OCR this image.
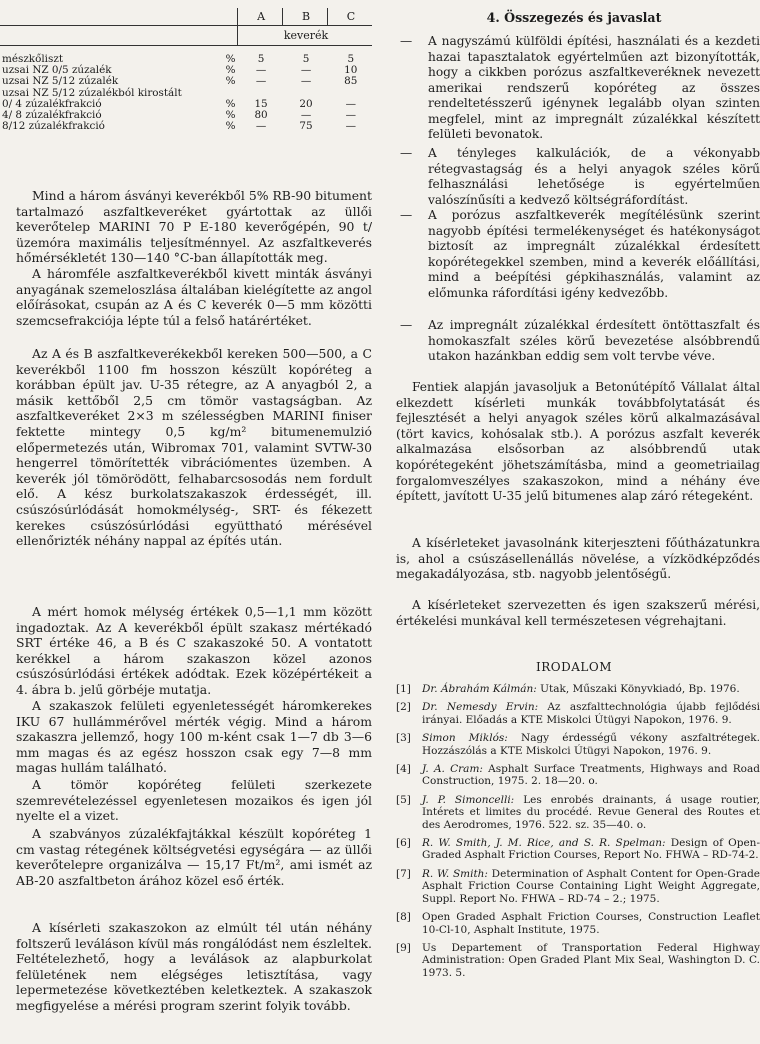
		A	B	C
		keverék		

mészkőliszt	%	5	5	5
uzsai NZ 0/5 zúzalék	%	—	—	10
uzsai NZ 5/12 zúzalék	%	—	—	85
uzsai NZ 5/12 zúzalékból kirostált				
0/ 4 zúzalékfrakció	%	15	20	—
4/ 8 zúzalékfrakció	%	80	—	—
8/12 zúzalékfrakció	%	—	75	—

Mind a három ásványi keverékből 5% RB-90 bitument tartalmazó aszfaltkeveréket gyártottak az üllői keverőtelep MARINI 70 P E-180 keverőgépén, 90 t/üzemóra maximális teljesítménnyel. Az aszfaltkeverés hőmérsékletét 130—140 °C-ban állapították meg.

A háromféle aszfaltkeverékből kivett minták ásványi anyagának szemeloszlása általában kielégítette az angol előírásokat, csupán az A és C keverék 0—5 mm közötti szemcsefrakciója lépte túl a felső határértéket.

Az A és B aszfaltkeverékekből kereken 500—500, a C keverékből 1100 fm hosszon készült kopóréteg a korábban épült jav. U-35 rétegre, az A anyagból 2, a másik kettőből 2,5 cm tömör vastagságban. Az aszfaltkeveréket 2×3 m szélességben MARINI finiser fektette mintegy 0,5 kg/m² bitumenemulzió előpermetezés után, Wibromax 701, valamint SVTW-30 hengerrel tömörítették vibrációmentes üzemben. A keverék jól tömörödött, felhabarcsosodás nem fordult elő. A kész burkolatszakaszok érdességét, ill. csúszósúrlódását homokmélység-, SRT- és fékezett kerekes csúszósúrlódási együttható mérésével ellenőrizték néhány nappal az építés után.

A mért homok mélység értékek 0,5—1,1 mm között ingadoztak. Az A keverékből épült szakasz mértékadó SRT értéke 46, a B és C szakaszoké 50. A vontatott kerékkel a három szakaszon közel azonos csúszósúrlódási értékek adódtak. Ezek középértékeit a 4. ábra b. jelű görbéje mutatja.

A szakaszok felületi egyenletességét háromkerekes IKU 67 hullámmérővel mérték végig. Mind a három szakaszra jellemző, hogy 100 m-ként csak 1—7 db 3—6 mm magas és az egész hosszon csak egy 7—8 mm magas hullám található.

A tömör kopóréteg felületi szerkezete szemrevételezéssel egyenletesen mozaikos és igen jól nyelte el a vizet.

A szabványos zúzalékfajtákkal készült kopóréteg 1 cm vastag rétegének költségvetési egységára — az üllői keverőtelepre organizálva — 15,17 Ft/m², ami ismét az AB-20 aszfaltbeton árához közel eső érték.

A kísérleti szakaszokon az elmúlt tél után néhány foltszerű leváláson kívül más rongálódást nem észleltek. Feltételezhető, hogy a leválások az alapburkolat felületének nem elégséges letisztítása, vagy lepermetezése következtében keletkeztek. A szakaszok megfigyelése a mérési program szerint folyik tovább.

4. Összegezés és javaslat

—	A nagyszámú külföldi építési, használati és a kezdeti hazai tapasztalatok egyértelműen azt bizonyították, hogy a cikkben porózus aszfaltkeveréknek nevezett amerikai rendszerű kopóréteg az összes rendeltetésszerű igénynek legalább olyan szinten megfelel, mint az impregnált zúzalékkal készített felületi bevonatok.

—	A tényleges kalkulációk, de a vékonyabb rétegvastagság és a helyi anyagok széles körű felhasználási lehetősége is egyértelműen valószínűsíti a kedvező költségráfordítást.

—	A porózus aszfaltkeverék megítélésünk szerint nagyobb építési termelékenységet és hatékonyságot biztosít az impregnált zúzalékkal érdesített kopórétegekkel szemben, mind a keverék előállítási, mind a beépítési gépkihasználás, valamint az előmunka ráfordítási igény kedvezőbb.

—	Az impregnált zúzalékkal érdesített öntöttaszfalt és homokaszfalt széles körű bevezetése alsóbbrendű utakon hazánkban eddig sem volt tervbe véve.

Fentiek alapján javasoljuk a Betonútépítő Vállalat által elkezdett kísérleti munkák továbbfolytatását és fejlesztését a helyi anyagok széles körű alkalmazásával (tört kavics, kohósalak stb.). A porózus aszfalt keverék alkalmazása elsősorban az alsóbbrendű utak kopórétegeként jöhetszámításba, mind a geometriailag forgalomveszélyes szakaszokon, mind a néhány éve épített, javított U-35 jelű bitumenes alap záró rétegeként.

A kísérleteket javasolnánk kiterjeszteni főútházatunkra is, ahol a csúszásellenállás növelése, a vízködképződés megakadályozása, stb. nagyobb jelentőségű.

A kísérleteket szervezetten és igen szakszerű mérési, értékelési munkával kell természetesen végrehajtani.

IRODALOM
[1] Dr. Ábrahám Kálmán: Utak, Műszaki Könyvkiadó, Bp. 1976.
[2] Dr. Nemesdy Ervin: Az aszfalttechnológia újabb fejlődési irányai. Előadás a KTE Miskolci Útügyi Napokon, 1976. 9.
[3] Simon Miklós: Nagy érdességű vékony aszfaltrétegek. Hozzászólás a KTE Miskolci Útügyi Napokon, 1976. 9.
[4] J. A. Cram: Asphalt Surface Treatments, Highways and Road Construction, 1975. 2. 18—20. o.
[5] J. P. Simoncelli: Les enrobés drainants, á usage routier, Intérets et limites du procédé. Revue General des Routes et des Aerodromes, 1976. 522. sz. 35—40. o.
[6] R. W. Smith, J. M. Rice, and S. R. Spelman: Design of Open-Graded Asphalt Friction Courses, Report No. FHWA – RD-74-2.
[7] R. W. Smith: Determination of Asphalt Content for Open-Grade Asphalt Friction Course Containing Light Weight Aggregate, Suppl. Report No. FHWA – RD-74 – 2.; 1975.
[8] Open Graded Asphalt Friction Courses, Construction Leaflet 10-Cl-10, Asphalt Institute, 1975.
[9] Us Departement of Transportation Federal Highway Administration: Open Graded Plant Mix Seal, Washington D. C. 1973. 5.
